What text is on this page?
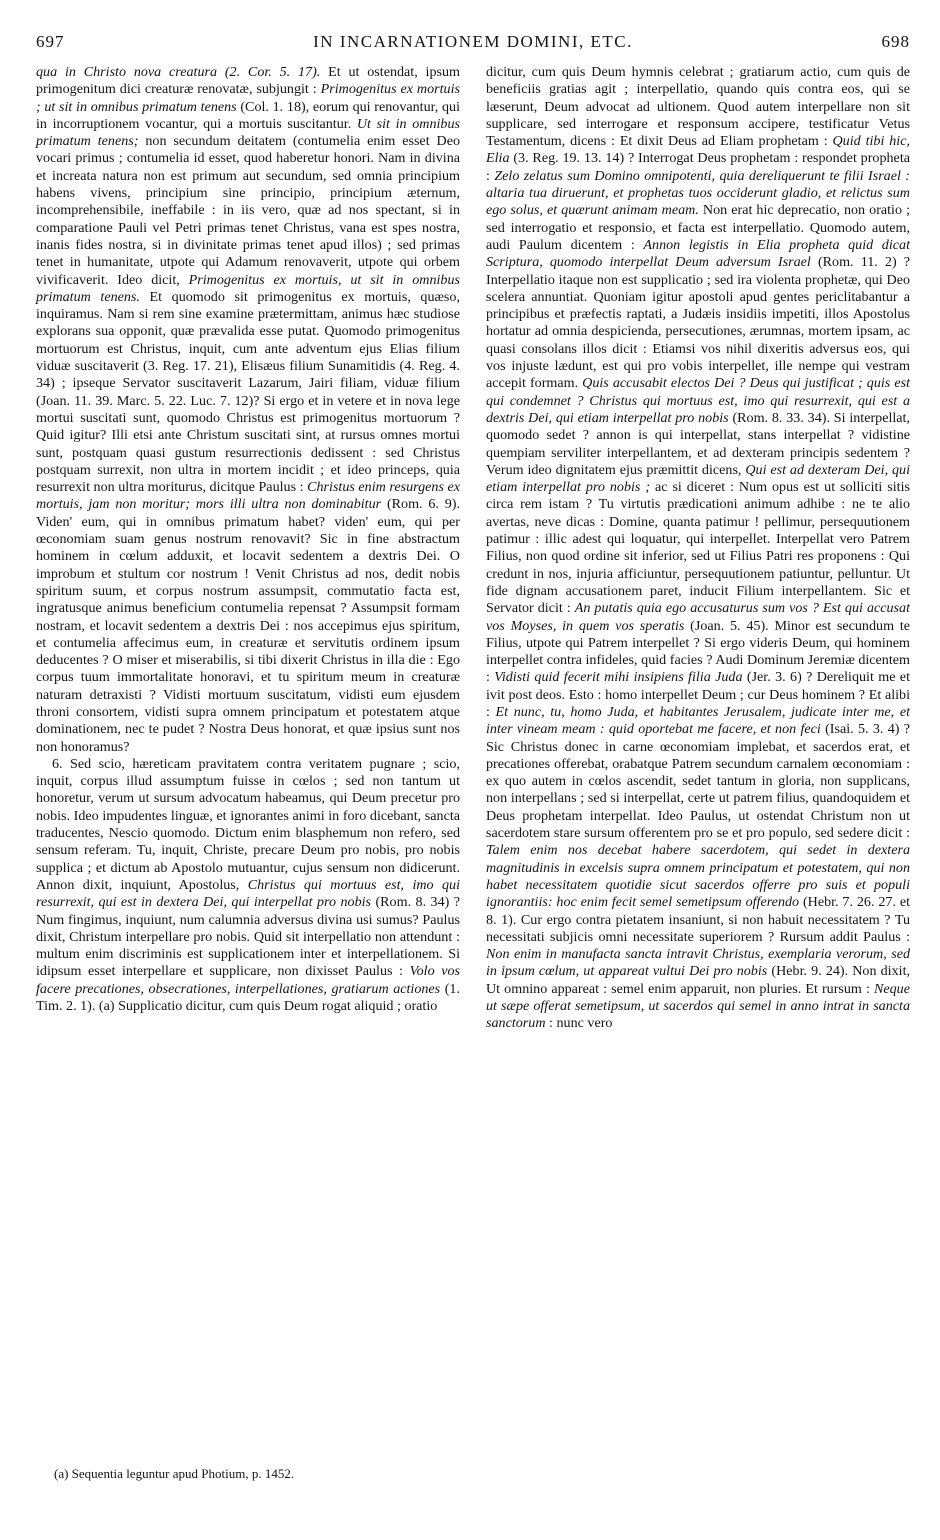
697	IN INCARNATIONEM DOMINI, ETC.	698

qua in Christo nova creatura (2. Cor. 5. 17). Et ut ostendat, ipsum primogenitum dici creaturæ renovatæ, subjungit : Primogenitus ex mortuis ; ut sit in omnibus primatum tenens (Col. 1. 18), eorum qui renovantur, qui in incorruptionem vocantur, qui a mortuis suscitantur. Ut sit in omnibus primatum tenens; non secundum deitatem (contumelia enim esset Deo vocari primus ; contumelia id esset, quod haberetur honori. Nam in divina et increata natura non est primum aut secundum, sed omnia principium habens vivens, principium sine principio, principium æternum, incomprehensibile, ineffabile : in iis vero, quæ ad nos spectant, si in comparatione Pauli vel Petri primas tenet Christus, vana est spes nostra, inanis fides nostra, si in divinitate primas tenet apud illos) ; sed primas tenet in humanitate, utpote qui Adamum renovaverit, utpote qui orbem vivificaverit. Ideo dicit, Primogenitus ex mortuis, ut sit in omnibus primatum tenens. Et quomodo sit primogenitus ex mortuis, quæso, inquiramus. Nam si rem sine examine prætermittam, animus hæc studiose explorans sua opponit, quæ prævalida esse putat. Quomodo primogenitus mortuorum est Christus, inquit, cum ante adventum ejus Elias filium viduæ suscitaverit (3. Reg. 17. 21), Elisæus filium Sunamitidis (4. Reg. 4. 34) ; ipseque Servator suscitaverit Lazarum, Jairi filiam, viduæ filium (Joan. 11. 39. Marc. 5. 22. Luc. 7. 12)? Si ergo et in vetere et in nova lege mortui suscitati sunt, quomodo Christus est primogenitus mortuorum ? Quid igitur? Illi etsi ante Christum suscitati sint, at rursus omnes mortui sunt, postquam quasi gustum resurrectionis dedissent : sed Christus postquam surrexit, non ultra in mortem incidit ; et ideo princeps, quia resurrexit non ultra moriturus, dicitque Paulus : Christus enim resurgens ex mortuis, jam non moritur; mors illi ultra non dominabitur (Rom. 6. 9). Viden' eum, qui in omnibus primatum habet? viden' eum, qui per œconomiam suam genus nostrum renovavit? Sic in fine abstractum hominem in cœlum adduxit, et locavit sedentem a dextris Dei. O improbum et stultum cor nostrum ! Venit Christus ad nos, dedit nobis spiritum suum, et corpus nostrum assumpsit, commutatio facta est, ingratusque animus beneficium contumelia repensat ? Assumpsit formam nostram, et locavit sedentem a dextris Dei : nos accepimus ejus spiritum, et contumelia affecimus eum, in creaturæ et servitutis ordinem ipsum deducentes ? O miser et miserabilis, si tibi dixerit Christus in illa die : Ego corpus tuum immortalitate honoravi, et tu spiritum meum in creaturæ naturam detraxisti ? Vidisti mortuum suscitatum, vidisti eum ejusdem throni consortem, vidisti supra omnem principatum et potestatem atque dominationem, nec te pudet ? Nostra Deus honorat, et quæ ipsius sunt nos non honoramus?

6. Sed scio, hæreticam pravitatem contra veritatem pugnare ; scio, inquit, corpus illud assumptum fuisse in cœlos ; sed non tantum ut honoretur, verum ut sursum advocatum habeamus, qui Deum precetur pro nobis. Ideo impudentes linguæ, et ignorantes animi in foro dicebant, sancta traducentes, Nescio quomodo. Dictum enim blasphemum non refero, sed sensum referam. Tu, inquit, Christe, precare Deum pro nobis, pro nobis supplica ; et dictum ab Apostolo mutuantur, cujus sensum non didicerunt. Annon dixit, inquiunt, Apostolus, Christus qui mortuus est, imo qui resurrexit, qui est in dextera Dei, qui interpellat pro nobis (Rom. 8. 34) ? Num fingimus, inquiunt, num calumnia adversus divina usi sumus? Paulus dixit, Christum interpellare pro nobis. Quid sit interpellatio non attendunt : multum enim discriminis est supplicationem inter et interpellationem. Si idipsum esset interpellare et supplicare, non dixisset Paulus : Volo vos facere precationes, obsecrationes, interpellationes, gratiarum actiones (1. Tim. 2. 1). (a) Supplicatio dicitur, cum quis Deum rogat aliquid ; oratio

dicitur, cum quis Deum hymnis celebrat ; gratiarum actio, cum quis de beneficiis gratias agit ; interpellatio, quando quis contra eos, qui se læserunt, Deum advocat ad ultionem. Quod autem interpellare non sit supplicare, sed interrogare et responsum accipere, testificatur Vetus Testamentum, dicens : Et dixit Deus ad Eliam prophetam : Quid tibi hic, Elia (3. Reg. 19. 13. 14) ? Interrogat Deus prophetam : respondet propheta : Zelo zelatus sum Domino omnipotenti, quia dereliquerunt te filii Israel : altaria tua diruerunt, et prophetas tuos occiderunt gladio, et relictus sum ego solus, et quærunt animam meam. Non erat hic deprecatio, non oratio ; sed interrogatio et responsio, et facta est interpellatio. Quomodo autem, audi Paulum dicentem : Annon legistis in Elia propheta quid dicat Scriptura, quomodo interpellat Deum adversum Israel (Rom. 11. 2) ? Interpellatio itaque non est supplicatio ; sed ira violenta prophetæ, qui Deo scelera annuntiat. Quoniam igitur apostoli apud gentes periclitabantur a principibus et præfectis raptati, a Judæis insidiis impetiti, illos Apostolus hortatur ad omnia despicienda, persecutiones, ærumnas, mortem ipsam, ac quasi consolans illos dicit : Etiamsi vos nihil dixeritis adversus eos, qui vos injuste lædunt, est qui pro vobis interpellet, ille nempe qui vestram accepit formam. Quis accusabit electos Dei ? Deus qui justificat ; quis est qui condemnet ? Christus qui mortuus est, imo qui resurrexit, qui est a dextris Dei, qui etiam interpellat pro nobis (Rom. 8. 33. 34). Si interpellat, quomodo sedet ? annon is qui interpellat, stans interpellat ? vidistine quempiam serviliter interpellantem, et ad dexteram principis sedentem ? Verum ideo dignitatem ejus præmittit dicens, Qui est ad dexteram Dei, qui etiam interpellat pro nobis ; ac si diceret : Num opus est ut solliciti sitis circa rem istam ? Tu virtutis prædicationi animum adhibe : ne te alio avertas, neve dicas : Domine, quanta patimur ! pellimur, persequutionem patimur : illic adest qui loquatur, qui interpellet. Interpellat vero Patrem Filius, non quod ordine sit inferior, sed ut Filius Patri res proponens : Qui credunt in nos, injuria afficiuntur, persequutionem patiuntur, pelluntur. Ut fide dignam accusationem paret, inducit Filium interpellantem. Sic et Servator dicit : An putatis quia ego accusaturus sum vos ? Est qui accusat vos Moyses, in quem vos speratis (Joan. 5. 45). Minor est secundum te Filius, utpote qui Patrem interpellet ? Si ergo videris Deum, qui hominem interpellet contra infideles, quid facies ? Audi Dominum Jeremiæ dicentem : Vidisti quid fecerit mihi insipiens filia Juda (Jer. 3. 6) ? Dereliquit me et ivit post deos. Esto : homo interpellet Deum ; cur Deus hominem ? Et alibi : Et nunc, tu, homo Juda, et habitantes Jerusalem, judicate inter me, et inter vineam meam : quid oportebat me facere, et non feci (Isai. 5. 3. 4) ? Sic Christus donec in carne œconomiam implebat, et sacerdos erat, et precationes offerebat, orabatque Patrem secundum carnalem œconomiam : ex quo autem in cœlos ascendit, sedet tantum in gloria, non supplicans, non interpellans ; sed si interpellat, certe ut patrem filius, quandoquidem et Deus prophetam interpellat. Ideo Paulus, ut ostendat Christum non ut sacerdotem stare sursum offerentem pro se et pro populo, sed sedere dicit : Talem enim nos decebat habere sacerdotem, qui sedet in dextera magnitudinis in excelsis supra omnem principatum et potestatem, qui non habet necessitatem quotidie sicut sacerdos offerre pro suis et populi ignorantiis: hoc enim fecit semel semetipsum offerendo (Hebr. 7. 26. 27. et 8. 1). Cur ergo contra pietatem insaniunt, si non habuit necessitatem ? Tu necessitati subjicis omni necessitate superiorem ? Rursum addit Paulus : Non enim in manufacta sancta intravit Christus, exemplaria verorum, sed in ipsum cœlum, ut appareat vultui Dei pro nobis (Hebr. 9. 24). Non dixit, Ut omnino appareat : semel enim apparuit, non pluries. Et rursum : Neque ut sæpe offerat semetipsum, ut sacerdos qui semel in anno intrat in sancta sanctorum : nunc vero

(a) Sequentia leguntur apud Photium, p. 1452.
